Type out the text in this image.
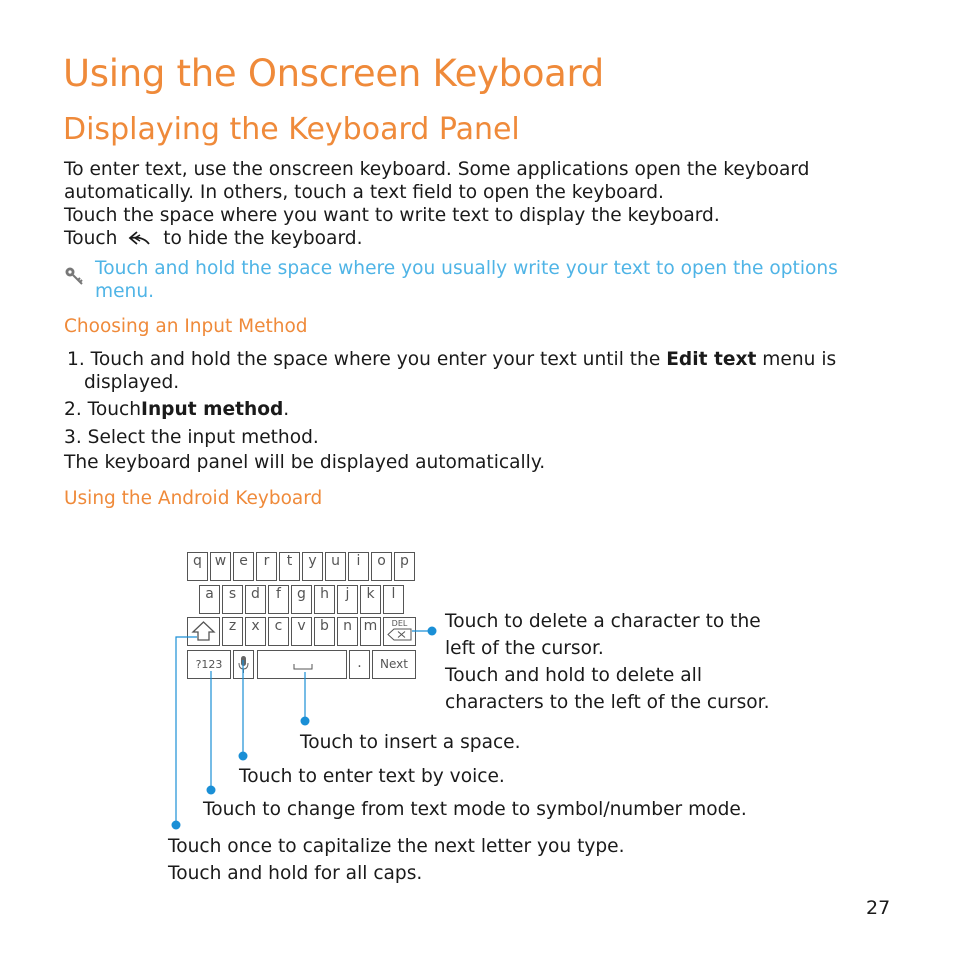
Using the Onscreen Keyboard
Displaying the Keyboard Panel
To enter text, use the onscreen keyboard. Some applications open the keyboard
automatically. In others, touch a text field to open the keyboard.
Touch the space where you want to write text to display the keyboard.
Touch to hide the keyboard.
Touch and hold the space where you usually write your text to open the options
menu.
Choosing an Input Method
1. Touch and hold the space where you enter your text until the Edit text menu is
displayed.
2. TouchInput method.
3. Select the input method.
The keyboard panel will be displayed automatically.
Using the Android Keyboard
q w e	r	t	y	u	i	o	p
a	s	d	f	g	h	j	k	l
z	x	c	v	b	n m	DEL
?123	.	Next
Touch to delete a character to the
left of the cursor.
Touch and hold to delete all
characters to the left of the cursor.
Touch to insert a space.
Touch to enter text by voice.
Touch to change from text mode to symbol/number mode.
Touch once to capitalize the next letter you type.
Touch and hold for all caps.
27
